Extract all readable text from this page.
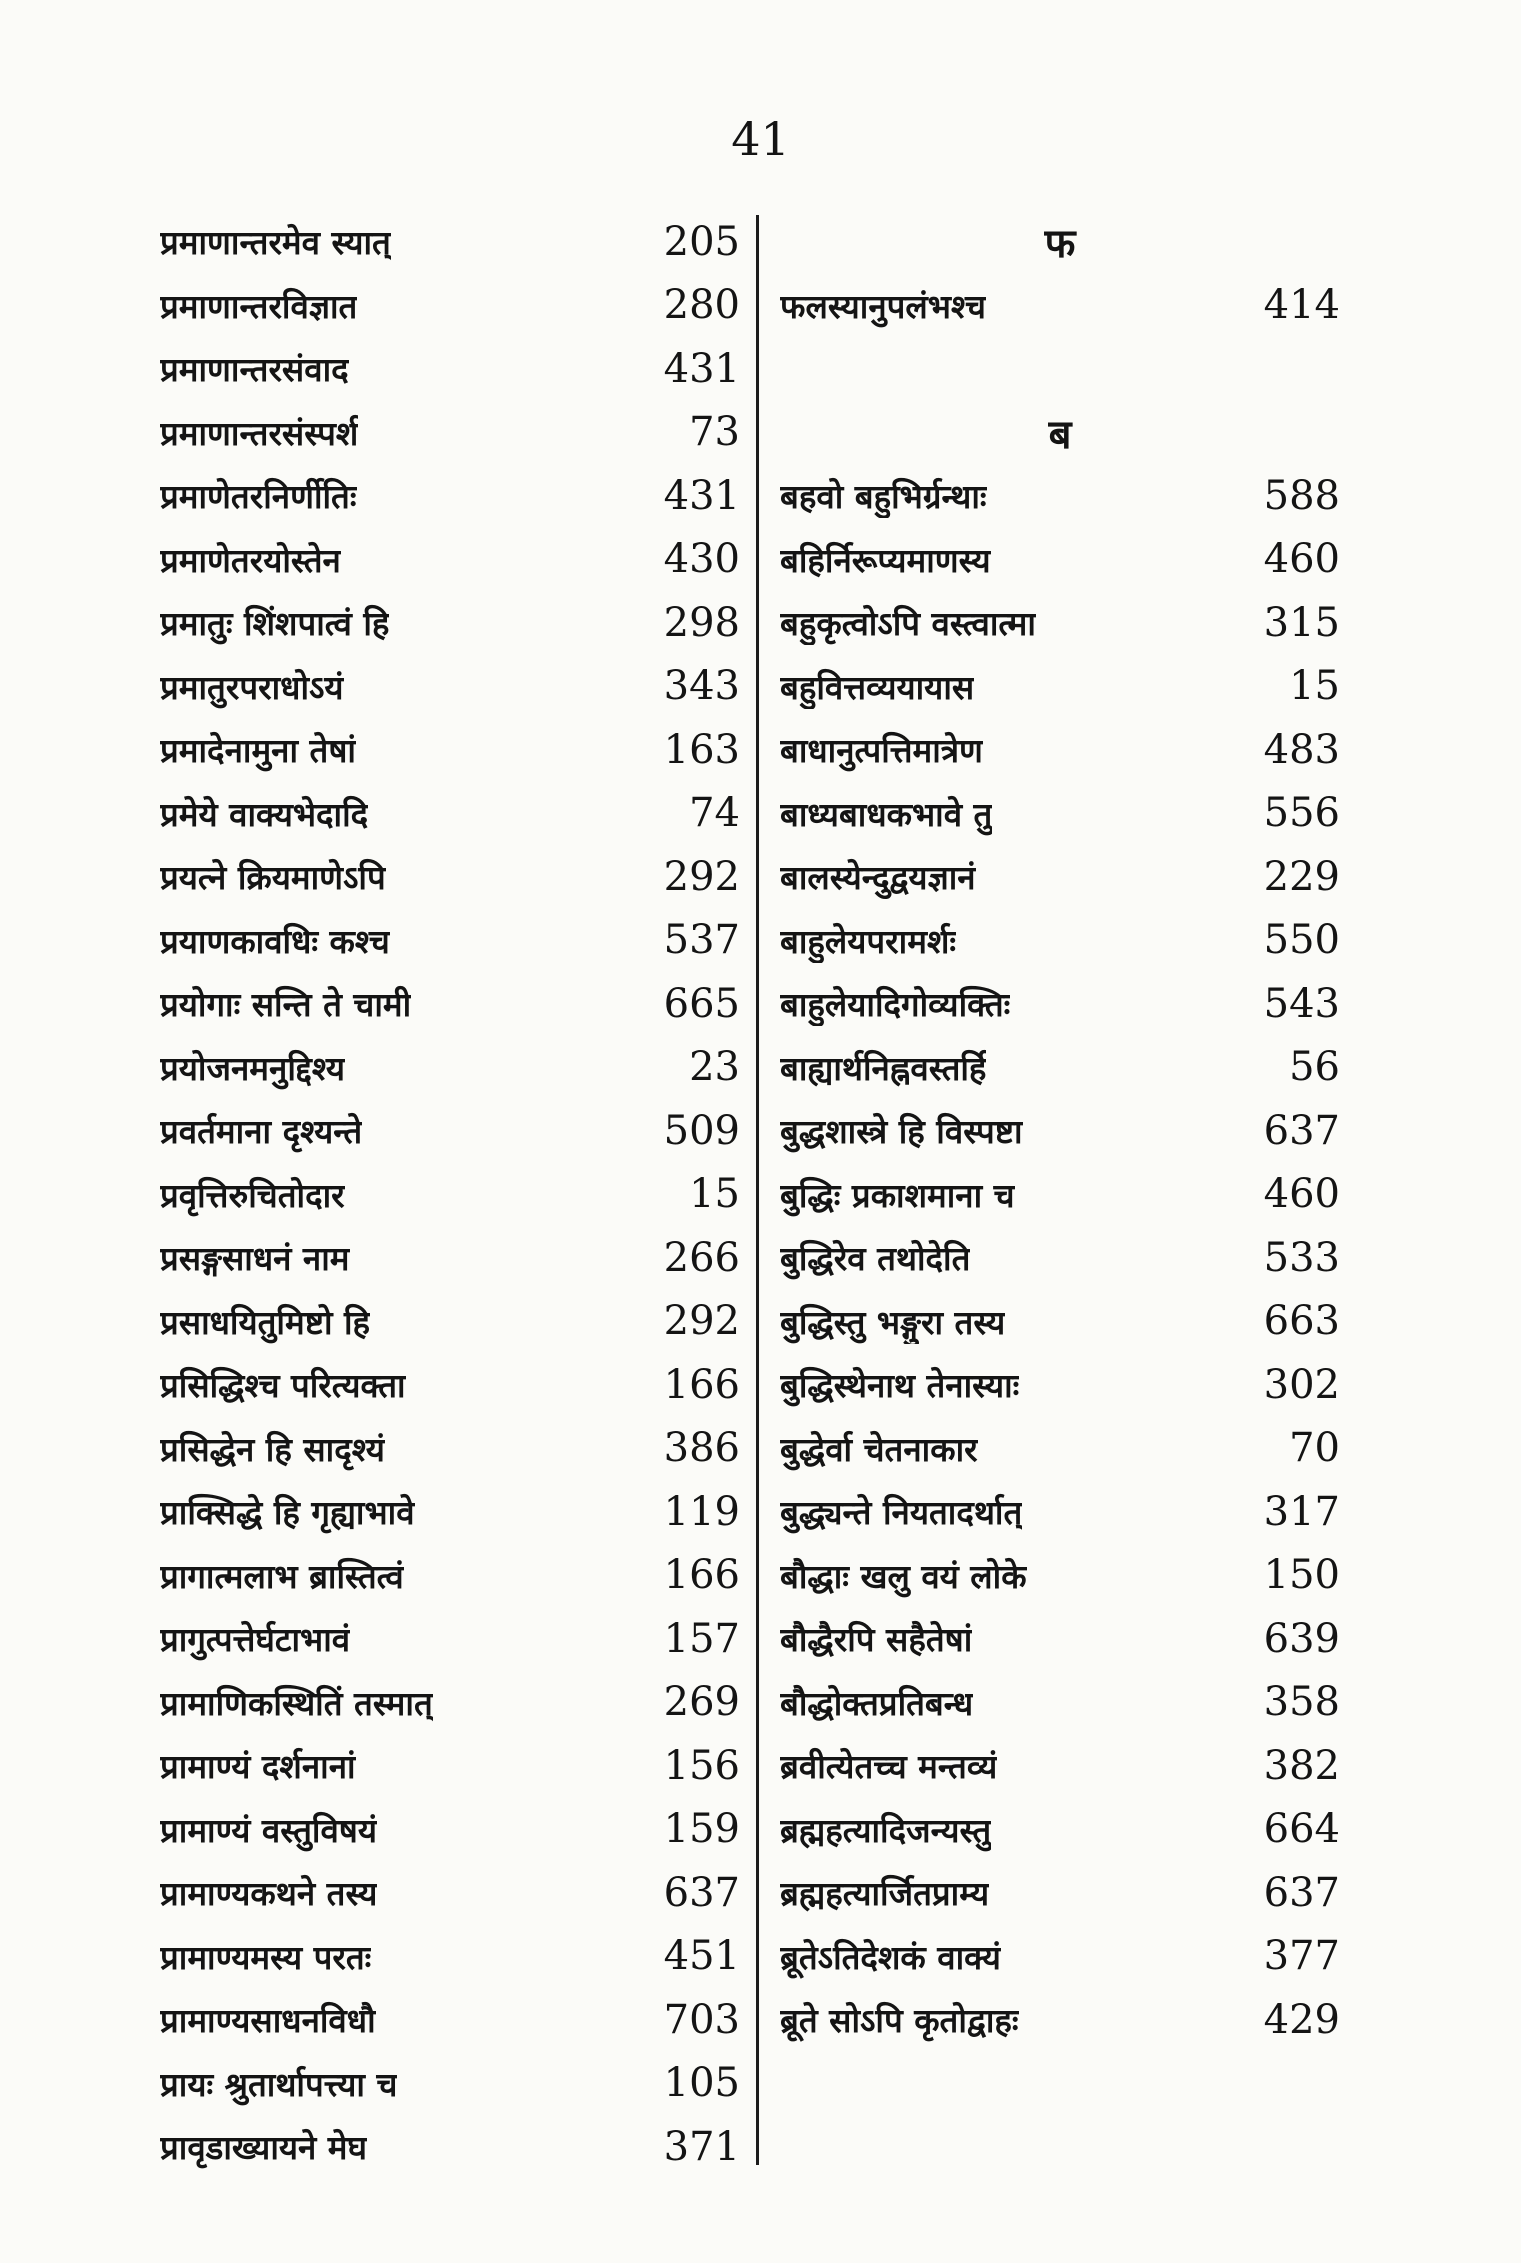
41
प्रमाणान्तरमेव स्यात्	205
प्रमाणान्तरविज्ञात	280
प्रमाणान्तरसंवाद	431
प्रमाणान्तरसंस्पर्श	73
प्रमाणेतरनिर्णीतिः	431
प्रमाणेतरयोस्तेन	430
प्रमातुः शिंशपात्वं हि	298
प्रमातुरपराधोऽयं	343
प्रमादेनामुना तेषां	163
प्रमेये वाक्यभेदादि	74
प्रयत्ने क्रियमाणेऽपि	292
प्रयाणकावधिः कश्च	537
प्रयोगाः सन्ति ते चामी	665
प्रयोजनमनुद्दिश्य	23
प्रवर्तमाना दृश्यन्ते	509
प्रवृत्तिरुचितोदार	15
प्रसङ्गसाधनं नाम	266
प्रसाधयितुमिष्टो हि	292
प्रसिद्धिश्च परित्यक्ता	166
प्रसिद्धेन हि सादृश्यं	386
प्राक्सिद्धे हि गृह्याभावे	119
प्रागात्मलाभ ब्रास्तित्वं	166
प्रागुत्पत्तेर्घटाभावं	157
प्रामाणिकस्थितिं तस्मात्	269
प्रामाण्यं दर्शनानां	156
प्रामाण्यं वस्तुविषयं	159
प्रामाण्यकथने तस्य	637
प्रामाण्यमस्य परतः	451
प्रामाण्यसाधनविधौ	703
प्रायः श्रुतार्थापत्त्या च	105
प्रावृडाख्यायने मेघ	371
फ
फलस्यानुपलंभश्च	414
ब
बहवो बहुभिर्ग्रन्थाः	588
बहिर्निरूप्यमाणस्य	460
बहुकृत्वोऽपि वस्त्वात्मा	315
बहुवित्तव्ययायास	15
बाधानुत्पत्तिमात्रेण	483
बाध्यबाधकभावे तु	556
बालस्येन्दुद्वयज्ञानं	229
बाहुलेयपरामर्शः	550
बाहुलेयादिगोव्यक्तिः	543
बाह्यार्थनिह्नवस्तर्हि	56
बुद्धशास्त्रे हि विस्पष्टा	637
बुद्धिः प्रकाशमाना च	460
बुद्धिरेव तथोदेति	533
बुद्धिस्तु भङ्गुरा तस्य	663
बुद्धिस्थेनाथ तेनास्याः	302
बुद्धेर्वा चेतनाकार	70
बुद्ध्यन्ते नियतादर्थात्	317
बौद्धाः खलु वयं लोके	150
बौद्धैरपि सहैतेषां	639
बौद्धोक्तप्रतिबन्ध	358
ब्रवीत्येतच्च मन्तव्यं	382
ब्रह्महत्यादिजन्यस्तु	664
ब्रह्महत्यार्जितप्राम्य	637
ब्रूतेऽतिदेशकं वाक्यं	377
ब्रूते सोऽपि कृतोद्वाहः	429
